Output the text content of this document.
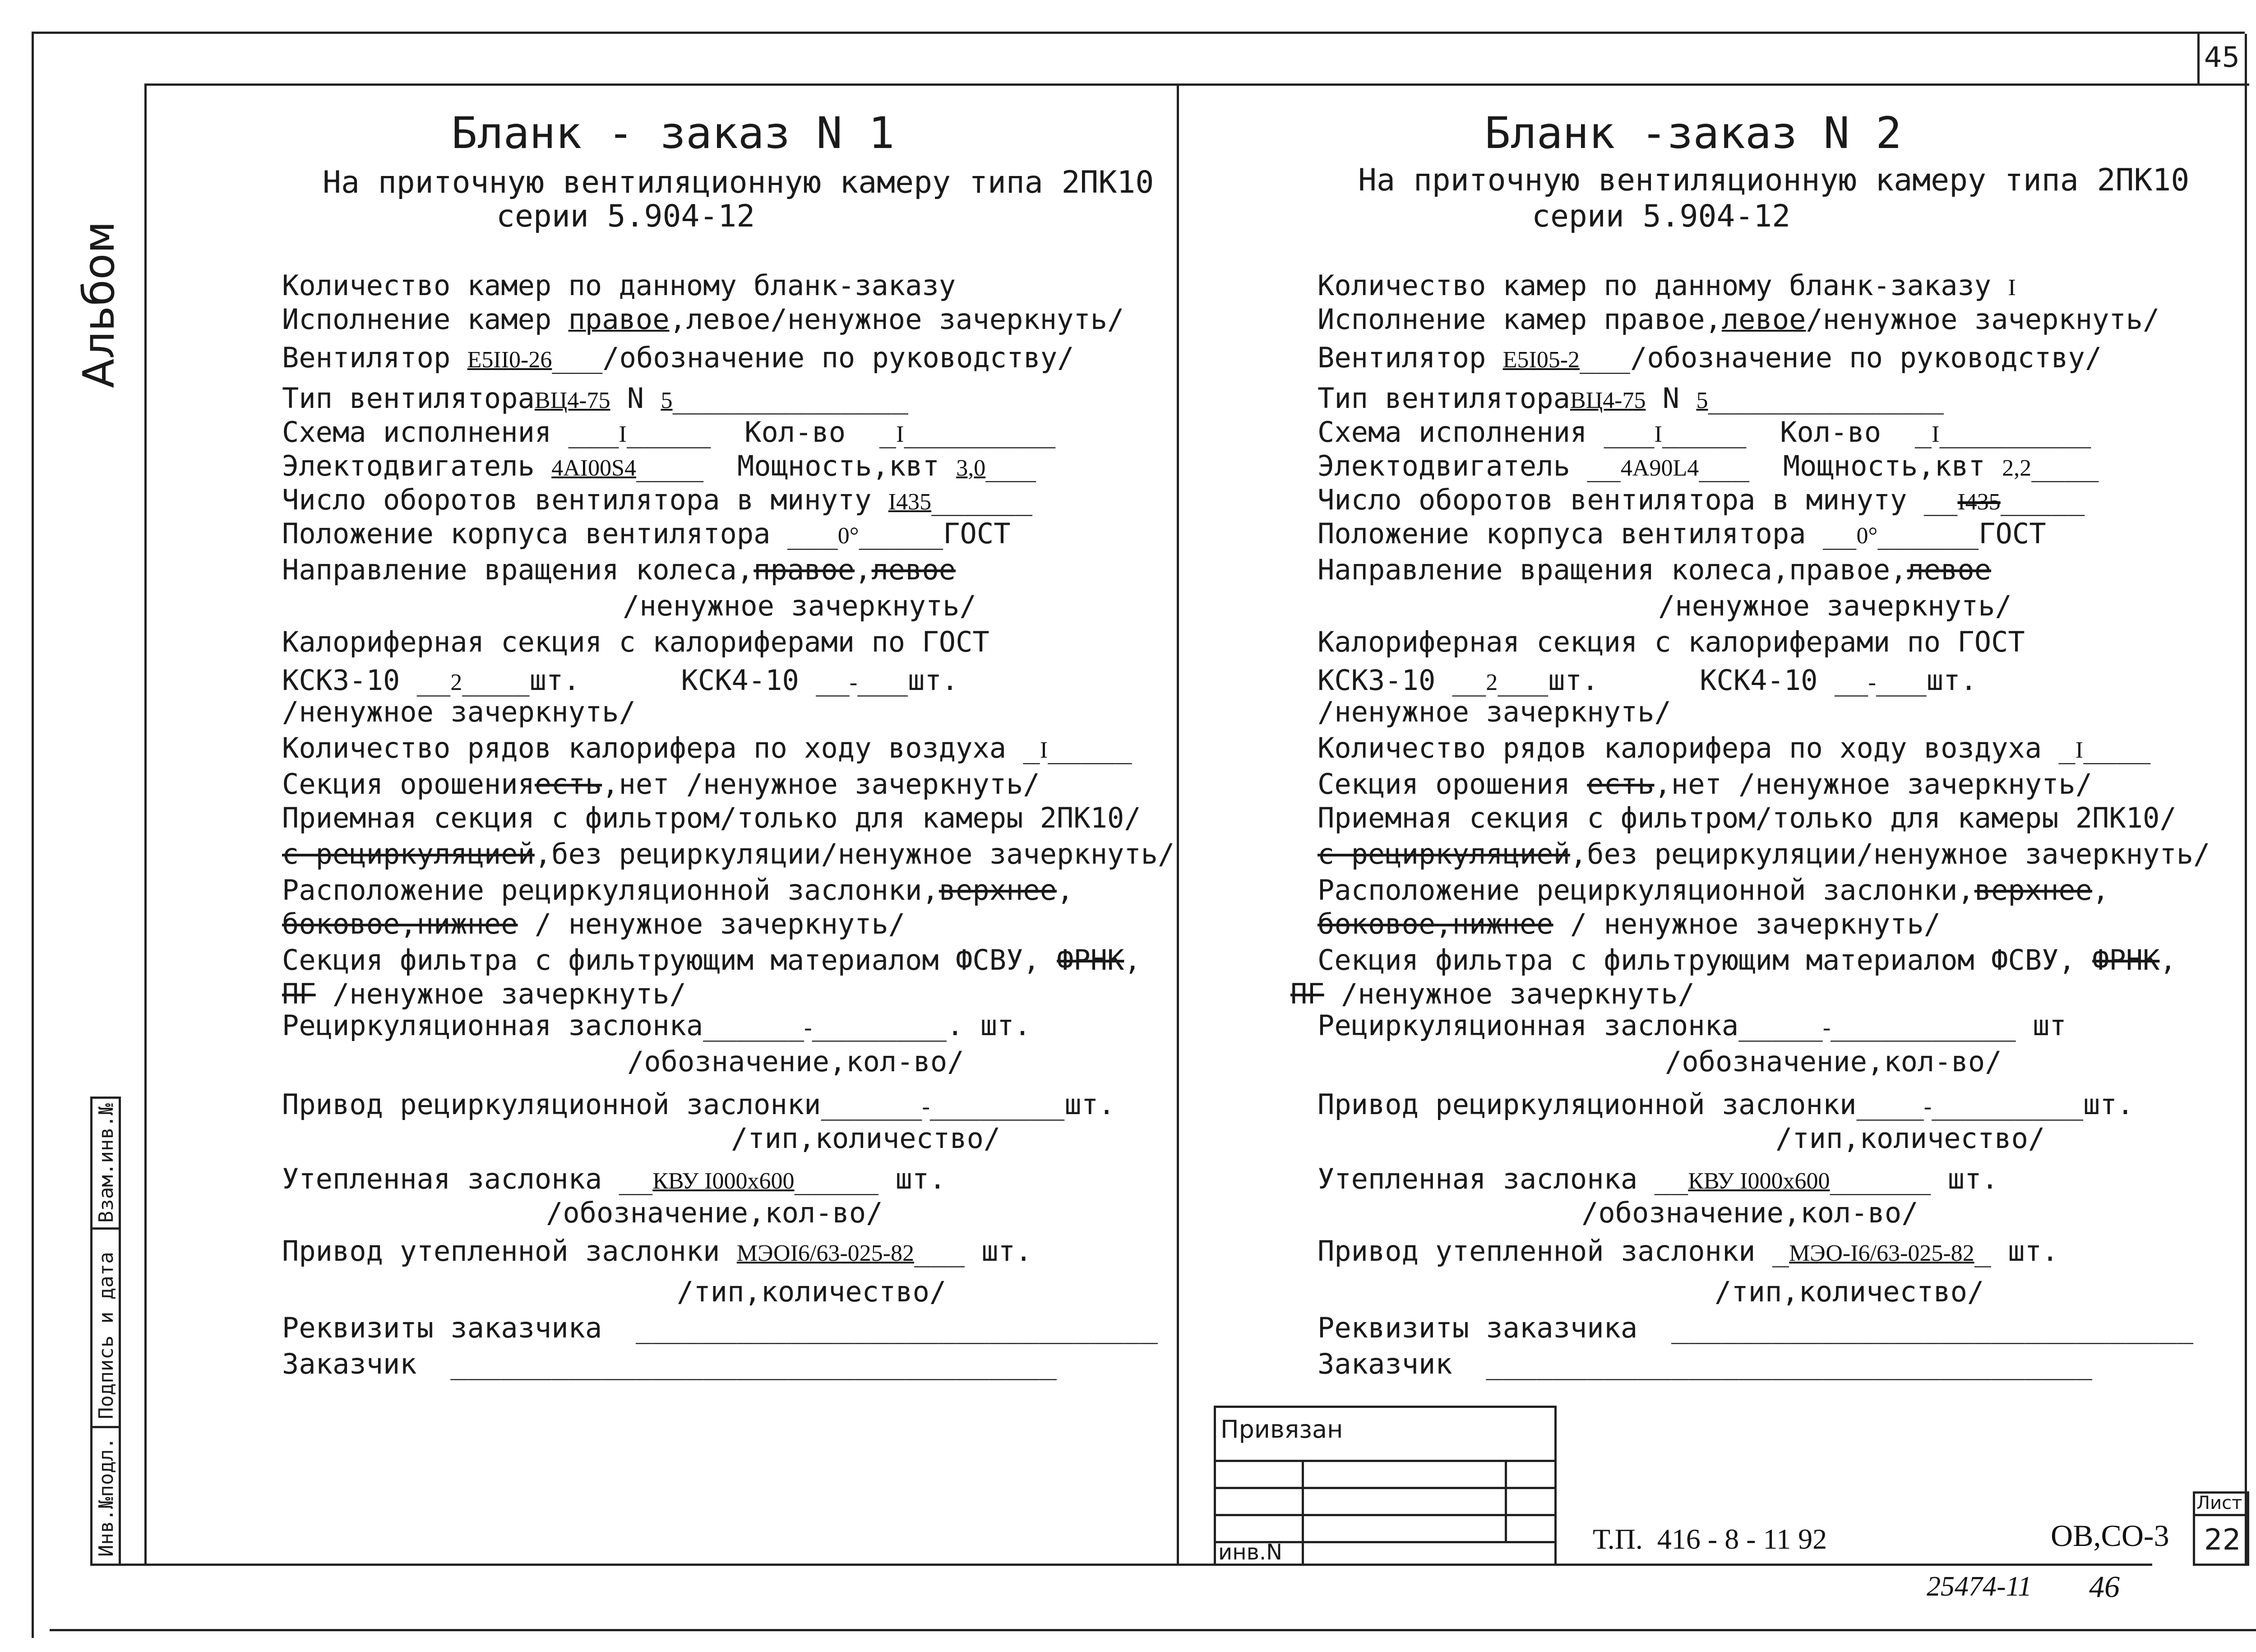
45
Альбом
Инв.№подл.
Подпись и дата
Взам.инв.№
Бланк - заказ N 1
На приточную вентиляционную камеру типа 2ПК10
серии 5.904-12
Количество камер по данному бланк-заказу
Исполнение камер правое,левое/ненужное зачеркнуть/
Вентилятор Е5II0-26___/обозначение по руководству/
Тип вентилятораВЦ4-75 N 5______________
Схема исполнения ___I_____  Кол-во  _I_________
Электодвигатель 4АI00S4____  Мощность,квт 3,0___
Число оборотов вентилятора в минуту I435______
Положение корпуса вентилятора ___0°_____ГОСТ
Направление вращения колеса,правое,левое
/ненужное зачеркнуть/
Калориферная секция с калориферами по ГОСТ
КСК3-10 __2____шт.      КСК4-10 __-___шт.
/ненужное зачеркнуть/
Количество рядов калорифера по ходу воздуха _I_____
Секция орошенияесть,нет /ненужное зачеркнуть/
Приемная секция с фильтром/только для камеры 2ПК10/
с рециркуляцией,без рециркуляции/ненужное зачеркнуть/
Расположение рециркуляционной заслонки,верхнее,
боковое,нижнее / ненужное зачеркнуть/
Секция фильтра с фильтрующим материалом ФСВУ, ФРНК,
ПГ /ненужное зачеркнуть/
Рециркуляционная заслонка______-________. шт.
/обозначение,кол-во/
Привод рециркуляционной заслонки______-________шт.
/тип,количество/
Утепленная заслонка __КВУ I000х600_____ шт.
/обозначение,кол-во/
Привод утепленной заслонки МЭОI6/63-025-82___ шт.
/тип,количество/
Реквизиты заказчика  _______________________________
Заказчик  ____________________________________
Бланк -заказ N 2
На приточную вентиляционную камеру типа 2ПК10
серии 5.904-12
Количество камер по данному бланк-заказу I
Исполнение камер правое,левое/ненужное зачеркнуть/
Вентилятор Е5I05-2___/обозначение по руководству/
Тип вентилятораВЦ4-75 N 5______________
Схема исполнения ___I_____  Кол-во  _I_________
Электодвигатель __4А90L4___  Мощность,квт 2,2____
Число оборотов вентилятора в минуту __I435_____
Положение корпуса вентилятора __0°______ГОСТ
Направление вращения колеса,правое,левое
/ненужное зачеркнуть/
Калориферная секция с калориферами по ГОСТ
КСК3-10 __2___шт.      КСК4-10 __-___шт.
/ненужное зачеркнуть/
Количество рядов калорифера по ходу воздуха _I____
Секция орошения есть,нет /ненужное зачеркнуть/
Приемная секция с фильтром/только для камеры 2ПК10/
с рециркуляцией,без рециркуляции/ненужное зачеркнуть/
Расположение рециркуляционной заслонки,верхнее,
боковое,нижнее / ненужное зачеркнуть/
Секция фильтра с фильтрующим материалом ФСВУ, ФРНК,
ПГ /ненужное зачеркнуть/
Рециркуляционная заслонка_____-___________ шт
/обозначение,кол-во/
Привод рециркуляционной заслонки____-_________шт.
/тип,количество/
Утепленная заслонка __КВУ I000х600______ шт.
/обозначение,кол-во/
Привод утепленной заслонки _МЭО-I6/63-025-82_ шт.
/тип,количество/
Реквизиты заказчика  _______________________________
Заказчик  ____________________________________
Привязан
инв.N	Т.П.  416 - 8 - 11 92	ОВ,СО-3
Лист
22
25474-11 46
